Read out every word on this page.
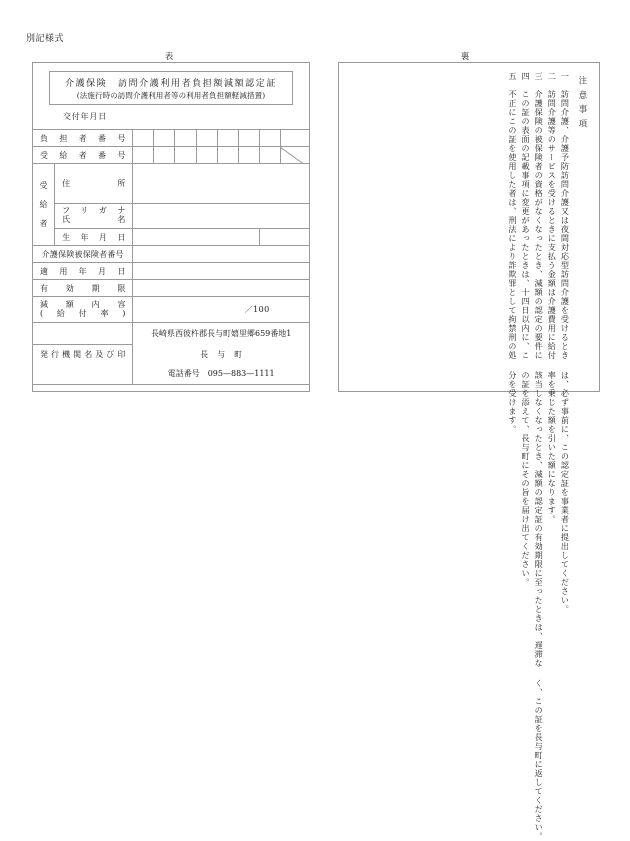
別記様式
表	裏
介護保険　訪問介護利用者負担額減額認定証
(法施行時の訪問介護利用者等の利用者負担額軽減措置)
交付年月日
負担者番号									
受給者番号									

受
給
者	住所								

	フリガナ
氏名								

	生年月日								
介護保険被保険者番号									
適用年月日									
有効期限									

減額内容
(給付率)		／100							
		長崎県西彼杵郡長与町嬉里郷659番地1							
発行機関名及び印		長与町							
		電話番号　095—883—1111							
注意事項
一　訪問介護、介護予防訪問介護又は夜間対応型訪問介護を受けるとき は、必ず事前に、この認定証を事業者に提出してください。
二　訪問介護等のサービスを受けるときに支払う金額は介護費用に給付 率を乗じた額を引いた額になります。
三　介護保険の被保険者の資格がなくなったとき、減額の認定の要件に 該当しなくなったとき、減額の認定証の有効期限に至ったときは、遅滞な く、この証を長与町に返してください。
四　この証の表面の記載事項に変更があったときは、十四日以内に、こ の証を添えて、長与町にその旨を届け出てください。
五　不正にこの証を使用した者は、刑法により詐欺罪として拘禁刑の処 分を受けます。
